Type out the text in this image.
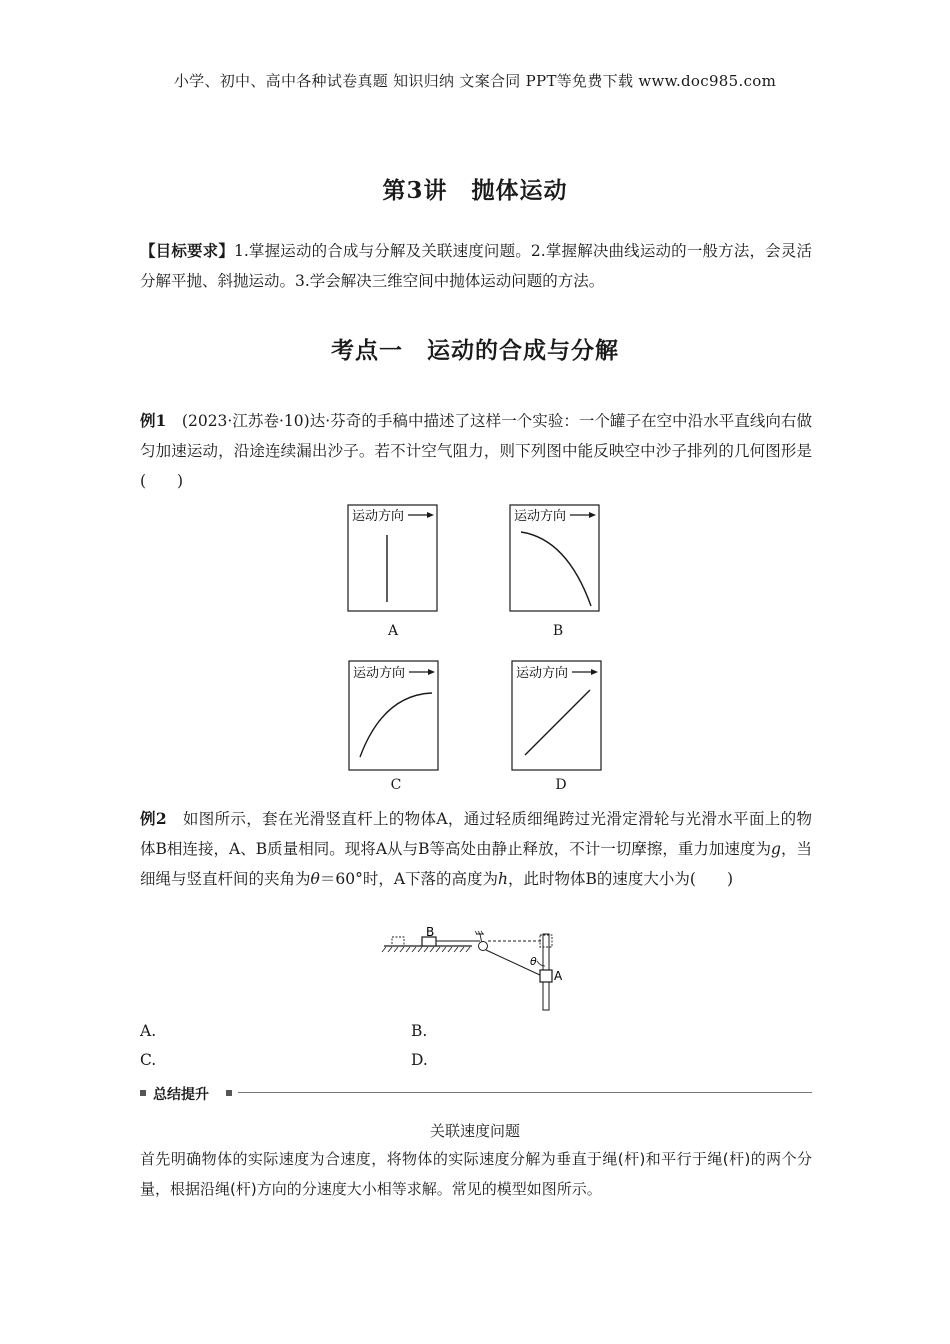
小学、初中、高中各种试卷真题 知识归纳 文案合同 PPT等免费下载 www.doc985.com
第3讲　抛体运动
【目标要求】1.掌握运动的合成与分解及关联速度问题。2.掌握解决曲线运动的一般方法，会灵活分解平抛、斜抛运动。3.学会解决三维空间中抛体运动问题的方法。
考点一　运动的合成与分解
例1　 (2023·江苏卷·10)达·芬奇的手稿中描述了这样一个实验：一个罐子在空中沿水平直线向右做匀加速运动，沿途连续漏出沙子。若不计空气阻力，则下列图中能反映空中沙子排列的几何图形是(　　)
运动方向
A
运动方向
B
运动方向
C
运动方向
D
例2　 如图所示，套在光滑竖直杆上的物体A，通过轻质细绳跨过光滑定滑轮与光滑水平面上的物体B相连接，A、B质量相同。现将A从与B等高处由静止释放，不计一切摩擦，重力加速度为g，当细绳与竖直杆间的夹角为θ＝60°时，A下落的高度为h，此时物体B的速度大小为(　　)
B
A
θ
A.	B.
C.	D.
总结提升
关联速度问题
首先明确物体的实际速度为合速度，将物体的实际速度分解为垂直于绳(杆)和平行于绳(杆)的两个分量，根据沿绳(杆)方向的分速度大小相等求解。常见的模型如图所示。
